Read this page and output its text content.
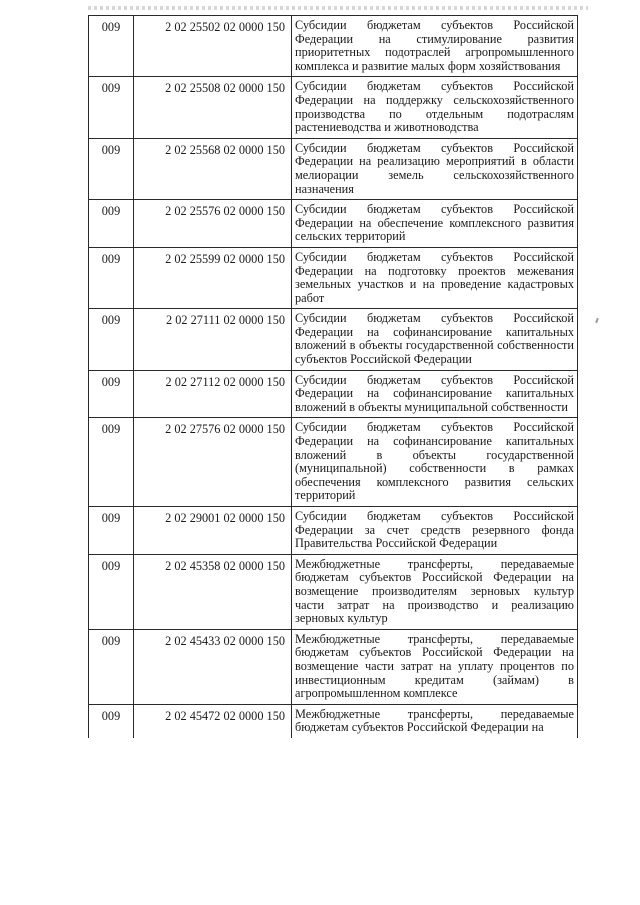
009	2 02 25502 02 0000 150	Субсидии бюджетам субъектов Российской Федерации на стимулирование развития приоритетных подотраслей агропромышленного комплекса и развитие малых форм хозяйствования
009	2 02 25508 02 0000 150	Субсидии бюджетам субъектов Российской Федерации на поддержку сельскохозяйственного производства по отдельным подотраслям растениеводства и животноводства
009	2 02 25568 02 0000 150	Субсидии бюджетам субъектов Российской Федерации на реализацию мероприятий в области мелиорации земель сельскохозяйственного назначения
009	2 02 25576 02 0000 150	Субсидии бюджетам субъектов Российской Федерации на обеспечение комплексного развития сельских территорий
009	2 02 25599 02 0000 150	Субсидии бюджетам субъектов Российской Федерации на подготовку проектов межевания земельных участков и на проведение кадастровых работ
009	2 02 27111 02 0000 150	Субсидии бюджетам субъектов Российской Федерации на софинансирование капитальных вложений в объекты государственной собственности субъектов Российской Федерации
009	2 02 27112 02 0000 150	Субсидии бюджетам субъектов Российской Федерации на софинансирование капитальных вложений в объекты муниципальной собственности
009	2 02 27576 02 0000 150	Субсидии бюджетам субъектов Российской Федерации на софинансирование капитальных вложений в объекты государственной (муниципальной) собственности в рамках обеспечения комплексного развития сельских территорий
009	2 02 29001 02 0000 150	Субсидии бюджетам субъектов Российской Федерации за счет средств резервного фонда Правительства Российской Федерации
009	2 02 45358 02 0000 150	Межбюджетные трансферты, передаваемые бюджетам субъектов Российской Федерации на возмещение производителям зерновых культур части затрат на производство и реализацию зерновых культур
009	2 02 45433 02 0000 150	Межбюджетные трансферты, передаваемые бюджетам субъектов Российской Федерации на возмещение части затрат на уплату процентов по инвестиционным кредитам (займам) в агропромышленном комплексе
009	2 02 45472 02 0000 150	Межбюджетные трансферты, передаваемые бюджетам субъектов Российской Федерации на
